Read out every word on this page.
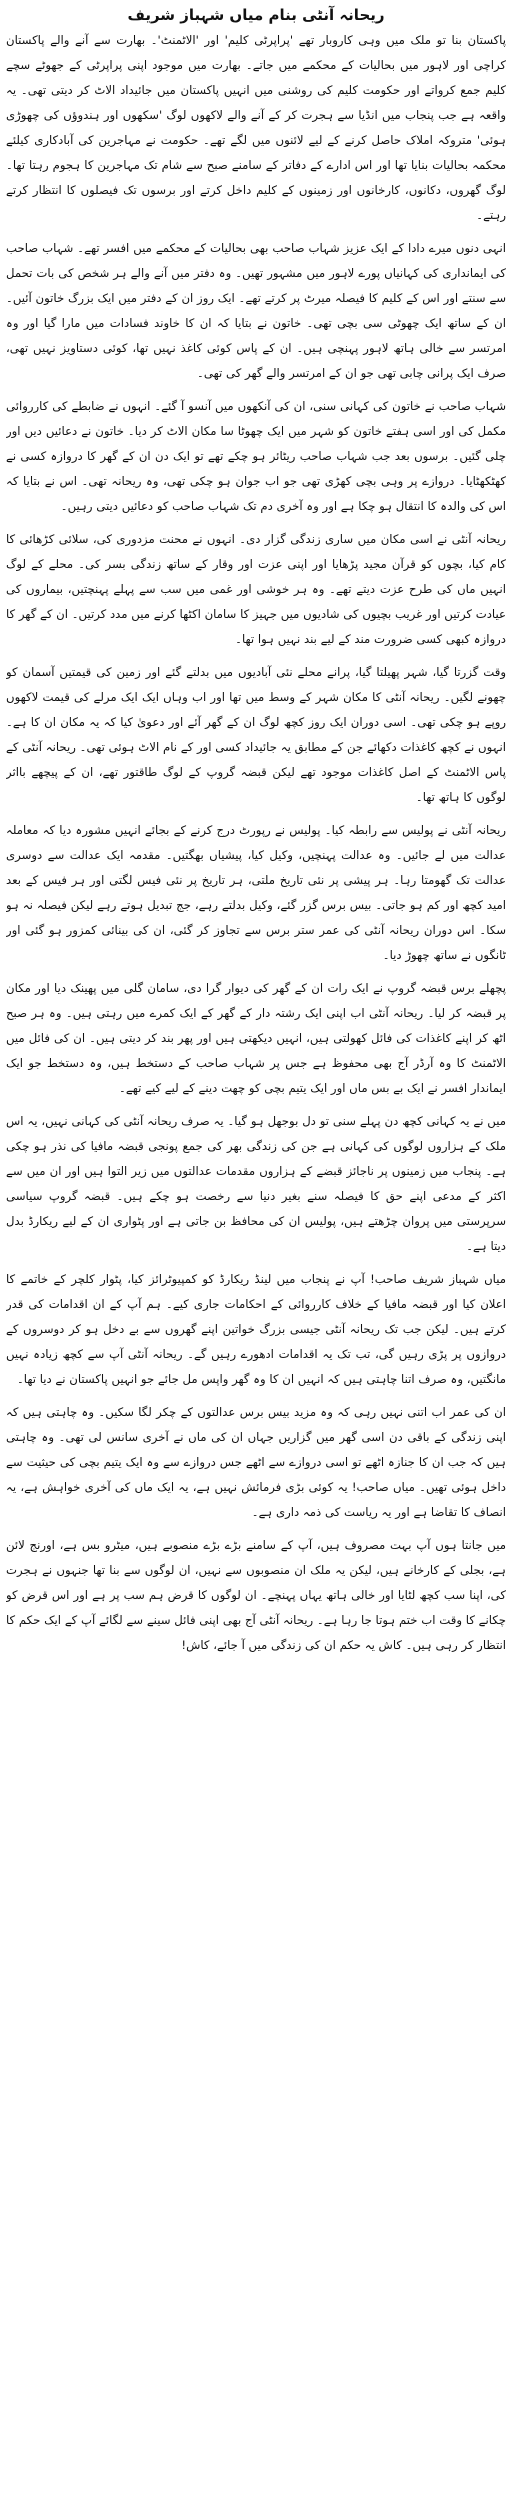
ریحانہ آنٹی بنام میاں شہباز شریف

پاکستان بنا تو ملک میں وہی کاروبار تھے 'پراپرٹی کلیم' اور 'الاٹمنٹ'۔ بھارت سے آنے والے پاکستان کراچی اور لاہور میں بحالیات کے محکمے میں جاتے۔ بھارت میں موجود اپنی پراپرٹی کے جھوٹے سچے کلیم جمع کرواتے اور حکومت کلیم کی روشنی میں انہیں پاکستان میں جائیداد الاٹ کر دیتی تھی۔ یہ واقعہ ہے جب پنجاب میں انڈیا سے ہجرت کر کے آنے والے لاکھوں لوگ 'سکھوں اور ہندوؤں کی چھوڑی ہوئی' متروکہ املاک حاصل کرنے کے لیے لائنوں میں لگے تھے۔ حکومت نے مہاجرین کی آبادکاری کیلئے محکمہ بحالیات بنایا تھا اور اس ادارے کے دفاتر کے سامنے صبح سے شام تک مہاجرین کا ہجوم رہتا تھا۔ لوگ گھروں، دکانوں، کارخانوں اور زمینوں کے کلیم داخل کرتے اور برسوں تک فیصلوں کا انتظار کرتے رہتے۔

انہی دنوں میرے دادا کے ایک عزیز شہاب صاحب بھی بحالیات کے محکمے میں افسر تھے۔ شہاب صاحب کی ایمانداری کی کہانیاں پورے لاہور میں مشہور تھیں۔ وہ دفتر میں آنے والے ہر شخص کی بات تحمل سے سنتے اور اس کے کلیم کا فیصلہ میرٹ پر کرتے تھے۔ ایک روز ان کے دفتر میں ایک بزرگ خاتون آئیں۔ ان کے ساتھ ایک چھوٹی سی بچی تھی۔ خاتون نے بتایا کہ ان کا خاوند فسادات میں مارا گیا اور وہ امرتسر سے خالی ہاتھ لاہور پہنچی ہیں۔ ان کے پاس کوئی کاغذ نہیں تھا، کوئی دستاویز نہیں تھی، صرف ایک پرانی چابی تھی جو ان کے امرتسر والے گھر کی تھی۔

شہاب صاحب نے خاتون کی کہانی سنی، ان کی آنکھوں میں آنسو آ گئے۔ انہوں نے ضابطے کی کارروائی مکمل کی اور اسی ہفتے خاتون کو شہر میں ایک چھوٹا سا مکان الاٹ کر دیا۔ خاتون نے دعائیں دیں اور چلی گئیں۔ برسوں بعد جب شہاب صاحب ریٹائر ہو چکے تھے تو ایک دن ان کے گھر کا دروازہ کسی نے کھٹکھٹایا۔ دروازے پر وہی بچی کھڑی تھی جو اب جوان ہو چکی تھی، وہ ریحانہ تھی۔ اس نے بتایا کہ اس کی والدہ کا انتقال ہو چکا ہے اور وہ آخری دم تک شہاب صاحب کو دعائیں دیتی رہیں۔

ریحانہ آنٹی نے اسی مکان میں ساری زندگی گزار دی۔ انہوں نے محنت مزدوری کی، سلائی کڑھائی کا کام کیا، بچوں کو قرآن مجید پڑھایا اور اپنی عزت اور وقار کے ساتھ زندگی بسر کی۔ محلے کے لوگ انہیں ماں کی طرح عزت دیتے تھے۔ وہ ہر خوشی اور غمی میں سب سے پہلے پہنچتیں، بیماروں کی عیادت کرتیں اور غریب بچیوں کی شادیوں میں جہیز کا سامان اکٹھا کرنے میں مدد کرتیں۔ ان کے گھر کا دروازہ کبھی کسی ضرورت مند کے لیے بند نہیں ہوا تھا۔

وقت گزرتا گیا، شہر پھیلتا گیا، پرانے محلے نئی آبادیوں میں بدلتے گئے اور زمین کی قیمتیں آسمان کو چھونے لگیں۔ ریحانہ آنٹی کا مکان شہر کے وسط میں تھا اور اب وہاں ایک ایک مرلے کی قیمت لاکھوں روپے ہو چکی تھی۔ اسی دوران ایک روز کچھ لوگ ان کے گھر آئے اور دعویٰ کیا کہ یہ مکان ان کا ہے۔ انہوں نے کچھ کاغذات دکھائے جن کے مطابق یہ جائیداد کسی اور کے نام الاٹ ہوئی تھی۔ ریحانہ آنٹی کے پاس الاٹمنٹ کے اصل کاغذات موجود تھے لیکن قبضہ گروپ کے لوگ طاقتور تھے، ان کے پیچھے بااثر لوگوں کا ہاتھ تھا۔

ریحانہ آنٹی نے پولیس سے رابطہ کیا۔ پولیس نے رپورٹ درج کرنے کے بجائے انہیں مشورہ دیا کہ معاملہ عدالت میں لے جائیں۔ وہ عدالت پہنچیں، وکیل کیا، پیشیاں بھگتیں۔ مقدمہ ایک عدالت سے دوسری عدالت تک گھومتا رہا۔ ہر پیشی پر نئی تاریخ ملتی، ہر تاریخ پر نئی فیس لگتی اور ہر فیس کے بعد امید کچھ اور کم ہو جاتی۔ بیس برس گزر گئے، وکیل بدلتے رہے، جج تبدیل ہوتے رہے لیکن فیصلہ نہ ہو سکا۔ اس دوران ریحانہ آنٹی کی عمر ستر برس سے تجاوز کر گئی، ان کی بینائی کمزور ہو گئی اور ٹانگوں نے ساتھ چھوڑ دیا۔

پچھلے برس قبضہ گروپ نے ایک رات ان کے گھر کی دیوار گرا دی، سامان گلی میں پھینک دیا اور مکان پر قبضہ کر لیا۔ ریحانہ آنٹی اب اپنی ایک رشتہ دار کے گھر کے ایک کمرے میں رہتی ہیں۔ وہ ہر صبح اٹھ کر اپنے کاغذات کی فائل کھولتی ہیں، انہیں دیکھتی ہیں اور پھر بند کر دیتی ہیں۔ ان کی فائل میں الاٹمنٹ کا وہ آرڈر آج بھی محفوظ ہے جس پر شہاب صاحب کے دستخط ہیں، وہ دستخط جو ایک ایماندار افسر نے ایک بے بس ماں اور ایک یتیم بچی کو چھت دینے کے لیے کیے تھے۔

میں نے یہ کہانی کچھ دن پہلے سنی تو دل بوجھل ہو گیا۔ یہ صرف ریحانہ آنٹی کی کہانی نہیں، یہ اس ملک کے ہزاروں لوگوں کی کہانی ہے جن کی زندگی بھر کی جمع پونجی قبضہ مافیا کی نذر ہو چکی ہے۔ پنجاب میں زمینوں پر ناجائز قبضے کے ہزاروں مقدمات عدالتوں میں زیر التوا ہیں اور ان میں سے اکثر کے مدعی اپنے حق کا فیصلہ سنے بغیر دنیا سے رخصت ہو چکے ہیں۔ قبضہ گروپ سیاسی سرپرستی میں پروان چڑھتے ہیں، پولیس ان کی محافظ بن جاتی ہے اور پٹواری ان کے لیے ریکارڈ بدل دیتا ہے۔

میاں شہباز شریف صاحب! آپ نے پنجاب میں لینڈ ریکارڈ کو کمپیوٹرائز کیا، پٹوار کلچر کے خاتمے کا اعلان کیا اور قبضہ مافیا کے خلاف کارروائی کے احکامات جاری کیے۔ ہم آپ کے ان اقدامات کی قدر کرتے ہیں۔ لیکن جب تک ریحانہ آنٹی جیسی بزرگ خواتین اپنے گھروں سے بے دخل ہو کر دوسروں کے دروازوں پر پڑی رہیں گی، تب تک یہ اقدامات ادھورے رہیں گے۔ ریحانہ آنٹی آپ سے کچھ زیادہ نہیں مانگتیں، وہ صرف اتنا چاہتی ہیں کہ انہیں ان کا وہ گھر واپس مل جائے جو انہیں پاکستان نے دیا تھا۔

ان کی عمر اب اتنی نہیں رہی کہ وہ مزید بیس برس عدالتوں کے چکر لگا سکیں۔ وہ چاہتی ہیں کہ اپنی زندگی کے باقی دن اسی گھر میں گزاریں جہاں ان کی ماں نے آخری سانس لی تھی۔ وہ چاہتی ہیں کہ جب ان کا جنازہ اٹھے تو اسی دروازے سے اٹھے جس دروازے سے وہ ایک یتیم بچی کی حیثیت سے داخل ہوئی تھیں۔ میاں صاحب! یہ کوئی بڑی فرمائش نہیں ہے، یہ ایک ماں کی آخری خواہش ہے، یہ انصاف کا تقاضا ہے اور یہ ریاست کی ذمہ داری ہے۔

میں جانتا ہوں آپ بہت مصروف ہیں، آپ کے سامنے بڑے بڑے منصوبے ہیں، میٹرو بس ہے، اورنج لائن ہے، بجلی کے کارخانے ہیں، لیکن یہ ملک ان منصوبوں سے نہیں، ان لوگوں سے بنا تھا جنہوں نے ہجرت کی، اپنا سب کچھ لٹایا اور خالی ہاتھ یہاں پہنچے۔ ان لوگوں کا قرض ہم سب پر ہے اور اس قرض کو چکانے کا وقت اب ختم ہوتا جا رہا ہے۔ ریحانہ آنٹی آج بھی اپنی فائل سینے سے لگائے آپ کے ایک حکم کا انتظار کر رہی ہیں۔ کاش یہ حکم ان کی زندگی میں آ جائے، کاش!
